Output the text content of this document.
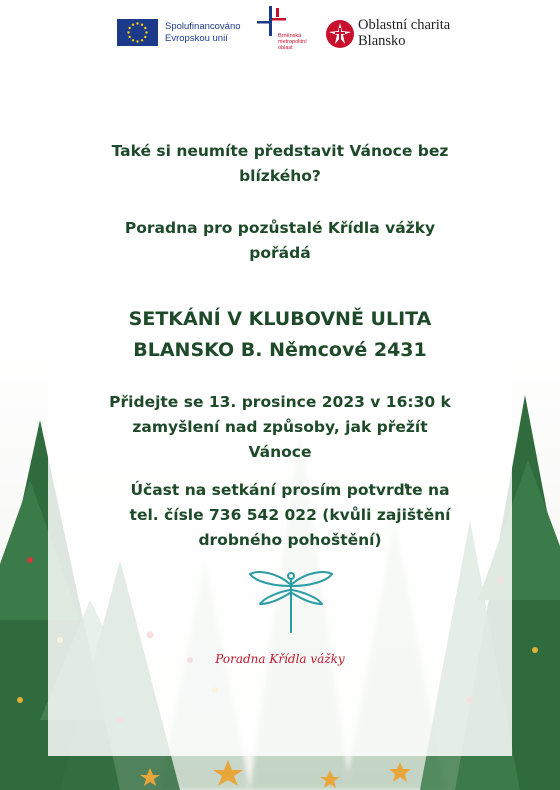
Spolufinancováno
Evropskou unií	Brněnská
metropolitní
oblast
Oblastní charita
Blansko
Také si neumíte představit Vánoce bez
blízkého?
Poradna pro pozůstalé Křídla vážky
pořádá
SETKÁNÍ V KLUBOVNĚ ULITA
BLANSKO B. Němcové 2431
Přidejte se 13. prosince 2023 v 16:30 k
zamyšlení nad způsoby, jak přežít
Vánoce
Účast na setkání prosím potvrďte na
tel. čísle 736 542 022 (kvůli zajištění
drobného pohoštění)
Poradna Křídla vážky
